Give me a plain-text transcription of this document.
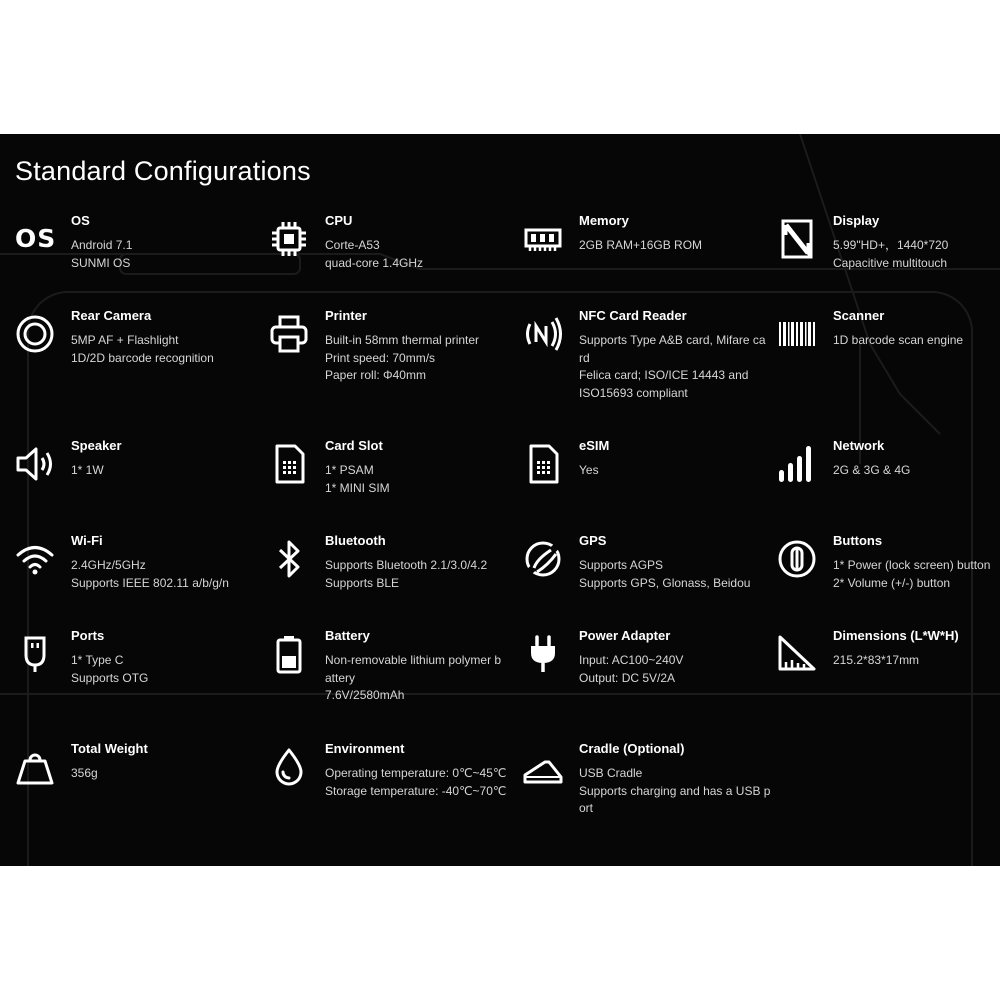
Standard Configurations
OS
OS
Android 7.1
SUNMI OS
CPU
Corte-A53
quad-core 1.4GHz
Memory
2GB RAM+16GB ROM
Display
5.99"HD+，1440*720
Capacitive multitouch
Rear Camera
5MP AF + Flashlight
1D/2D barcode recognition
Printer
Built-in 58mm thermal printer
Print speed: 70mm/s
Paper roll: Φ40mm
NFC Card Reader
Supports Type A&B card, Mifare ca
rd
Felica card; ISO/ICE 14443 and
ISO15693 compliant
Scanner
1D barcode scan engine
Speaker
1* 1W
Card Slot
1* PSAM
1* MINI SIM
eSIM
Yes
Network
2G & 3G & 4G
Wi-Fi
2.4GHz/5GHz
Supports IEEE 802.11 a/b/g/n
Bluetooth
Supports Bluetooth 2.1/3.0/4.2
Supports BLE
GPS
Supports AGPS
Supports GPS, Glonass, Beidou
Buttons
1* Power (lock screen) button
2* Volume (+/-) button
Ports
1* Type C
Supports OTG
Battery
Non-removable lithium polymer b
attery
7.6V/2580mAh
Power Adapter
Input: AC100~240V
Output: DC 5V/2A
Dimensions (L*W*H)
215.2*83*17mm
Total Weight
356g
Environment
Operating temperature: 0℃~45℃
Storage temperature: -40℃~70℃
Cradle (Optional)
USB Cradle
Supports charging and has a USB p
ort
